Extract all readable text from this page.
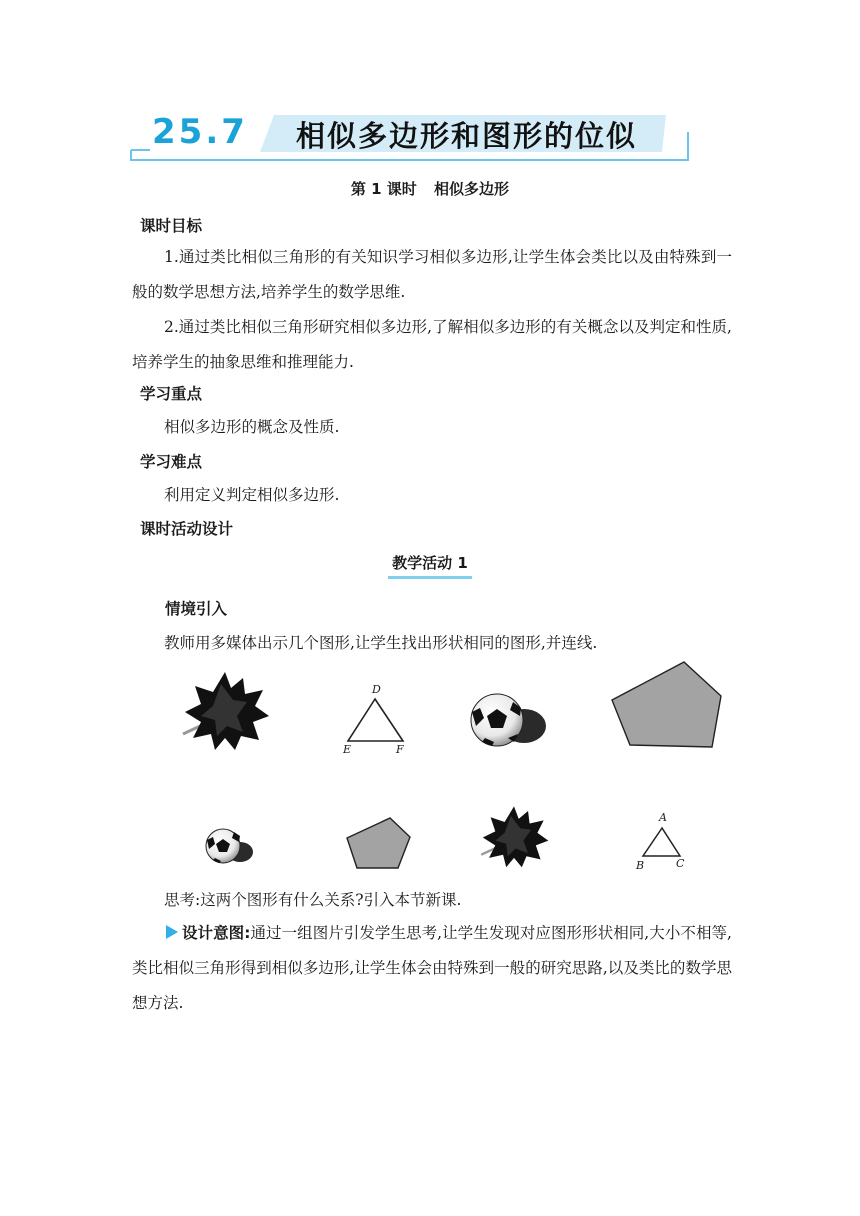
25.7 相似多边形和图形的位似
第 1 课时 相似多边形
课时目标
1.通过类比相似三角形的有关知识学习相似多边形,让学生体会类比以及由特殊到一般的数学思想方法,培养学生的数学思维.
2.通过类比相似三角形研究相似多边形,了解相似多边形的有关概念以及判定和性质,培养学生的抽象思维和推理能力.
学习重点
相似多边形的概念及性质.
学习难点
利用定义判定相似多边形.
课时活动设计
教学活动 1
情境引入
教师用多媒体出示几个图形,让学生找出形状相同的图形,并连线.
D
E	F
A
B	C
思考:这两个图形有什么关系?引入本节新课.
设计意图:通过一组图片引发学生思考,让学生发现对应图形形状相同,大小不相等,类比相似三角形得到相似多边形,让学生体会由特殊到一般的研究思路,以及类比的数学思想方法.
